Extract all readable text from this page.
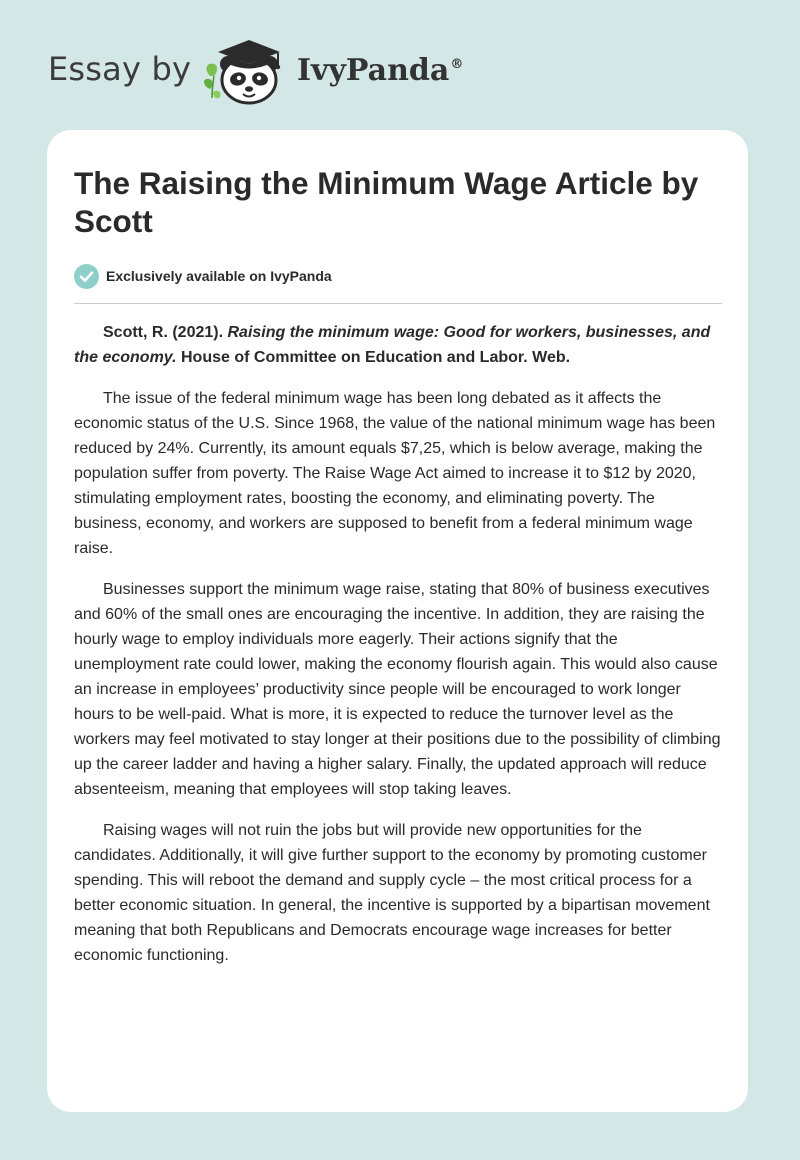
Essay by	IvyPanda®
The Raising the Minimum Wage Article by Scott
Exclusively available on IvyPanda

Scott, R. (2021). Raising the minimum wage: Good for workers, businesses, and the economy. House of Committee on Education and Labor. Web.

The issue of the federal minimum wage has been long debated as it affects the economic status of the U.S. Since 1968, the value of the national minimum wage has been reduced by 24%. Currently, its amount equals $7,25, which is below average, making the population suffer from poverty. The Raise Wage Act aimed to increase it to $12 by 2020, stimulating employment rates, boosting the economy, and eliminating poverty. The business, economy, and workers are supposed to benefit from a federal minimum wage raise.

Businesses support the minimum wage raise, stating that 80% of business executives and 60% of the small ones are encouraging the incentive. In addition, they are raising the hourly wage to employ individuals more eagerly. Their actions signify that the unemployment rate could lower, making the economy flourish again. This would also cause an increase in employees’ productivity since people will be encouraged to work longer hours to be well-paid. What is more, it is expected to reduce the turnover level as the workers may feel motivated to stay longer at their positions due to the possibility of climbing up the career ladder and having a higher salary. Finally, the updated approach will reduce absenteeism, meaning that employees will stop taking leaves.

Raising wages will not ruin the jobs but will provide new opportunities for the candidates. Additionally, it will give further support to the economy by promoting customer spending. This will reboot the demand and supply cycle – the most critical process for a better economic situation. In general, the incentive is supported by a bipartisan movement meaning that both Republicans and Democrats encourage wage increases for better economic functioning.
